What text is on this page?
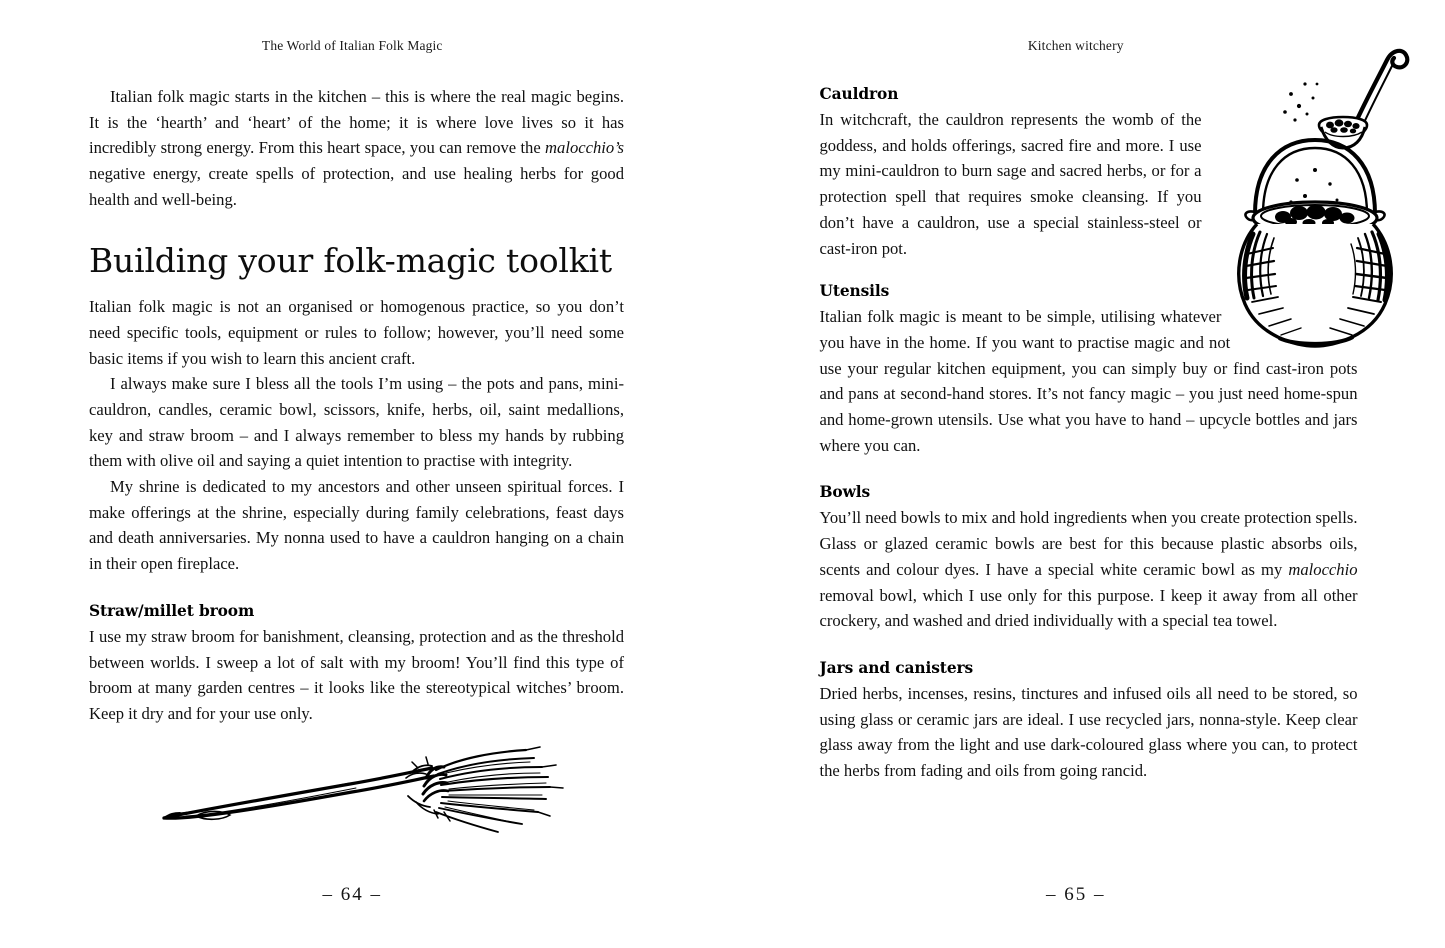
The World of Italian Folk Magic

Italian folk magic starts in the kitchen – this is where the real magic begins. It is the ‘hearth’ and ‘heart’ of the home; it is where love lives so it has incredibly strong energy. From this heart space, you can remove the malocchio’s negative energy, create spells of protection, and use healing herbs for good health and well-being.

Building your folk-magic toolkit

Italian folk magic is not an organised or homogenous practice, so you don’t need specific tools, equipment or rules to follow; however, you’ll need some basic items if you wish to learn this ancient craft.

I always make sure I bless all the tools I’m using – the pots and pans, mini-cauldron, candles, ceramic bowl, scissors, knife, herbs, oil, saint medallions, key and straw broom – and I always remember to bless my hands by rubbing them with olive oil and saying a quiet intention to practise with integrity.

My shrine is dedicated to my ancestors and other unseen spiritual forces. I make offerings at the shrine, especially during family celebrations, feast days and death anniversaries. My nonna used to have a cauldron hanging on a chain in their open fireplace.

Straw/millet broom

I use my straw broom for banishment, cleansing, protection and as the threshold between worlds. I sweep a lot of salt with my broom! You’ll find this type of broom at many garden centres – it looks like the stereotypical witches’ broom. Keep it dry and for your use only.

– 64 –
Kitchen witchery
Cauldron

In witchcraft, the cauldron represents the womb of the goddess, and holds offerings, sacred fire and more. I use my mini-cauldron to burn sage and sacred herbs, or for a protection spell that requires smoke cleansing. If you don’t have a cauldron, use a special stainless-steel or cast-iron pot.

Utensils

Italian folk magic is meant to be simple, utilising whatever you have in the home. If you want to practise magic and not use your regular kitchen equipment, you can simply buy or find cast-iron pots and pans at second-hand stores. It’s not fancy magic – you just need home-spun and home-grown utensils. Use what you have to hand – upcycle bottles and jars where you can.

Bowls

You’ll need bowls to mix and hold ingredients when you create protection spells. Glass or glazed ceramic bowls are best for this because plastic absorbs oils, scents and colour dyes. I have a special white ceramic bowl as my malocchio removal bowl, which I use only for this purpose. I keep it away from all other crockery, and washed and dried individually with a special tea towel.

Jars and canisters

Dried herbs, incenses, resins, tinctures and infused oils all need to be stored, so using glass or ceramic jars are ideal. I use recycled jars, nonna-style. Keep clear glass away from the light and use dark-coloured glass where you can, to protect the herbs from fading and oils from going rancid.

– 65 –
